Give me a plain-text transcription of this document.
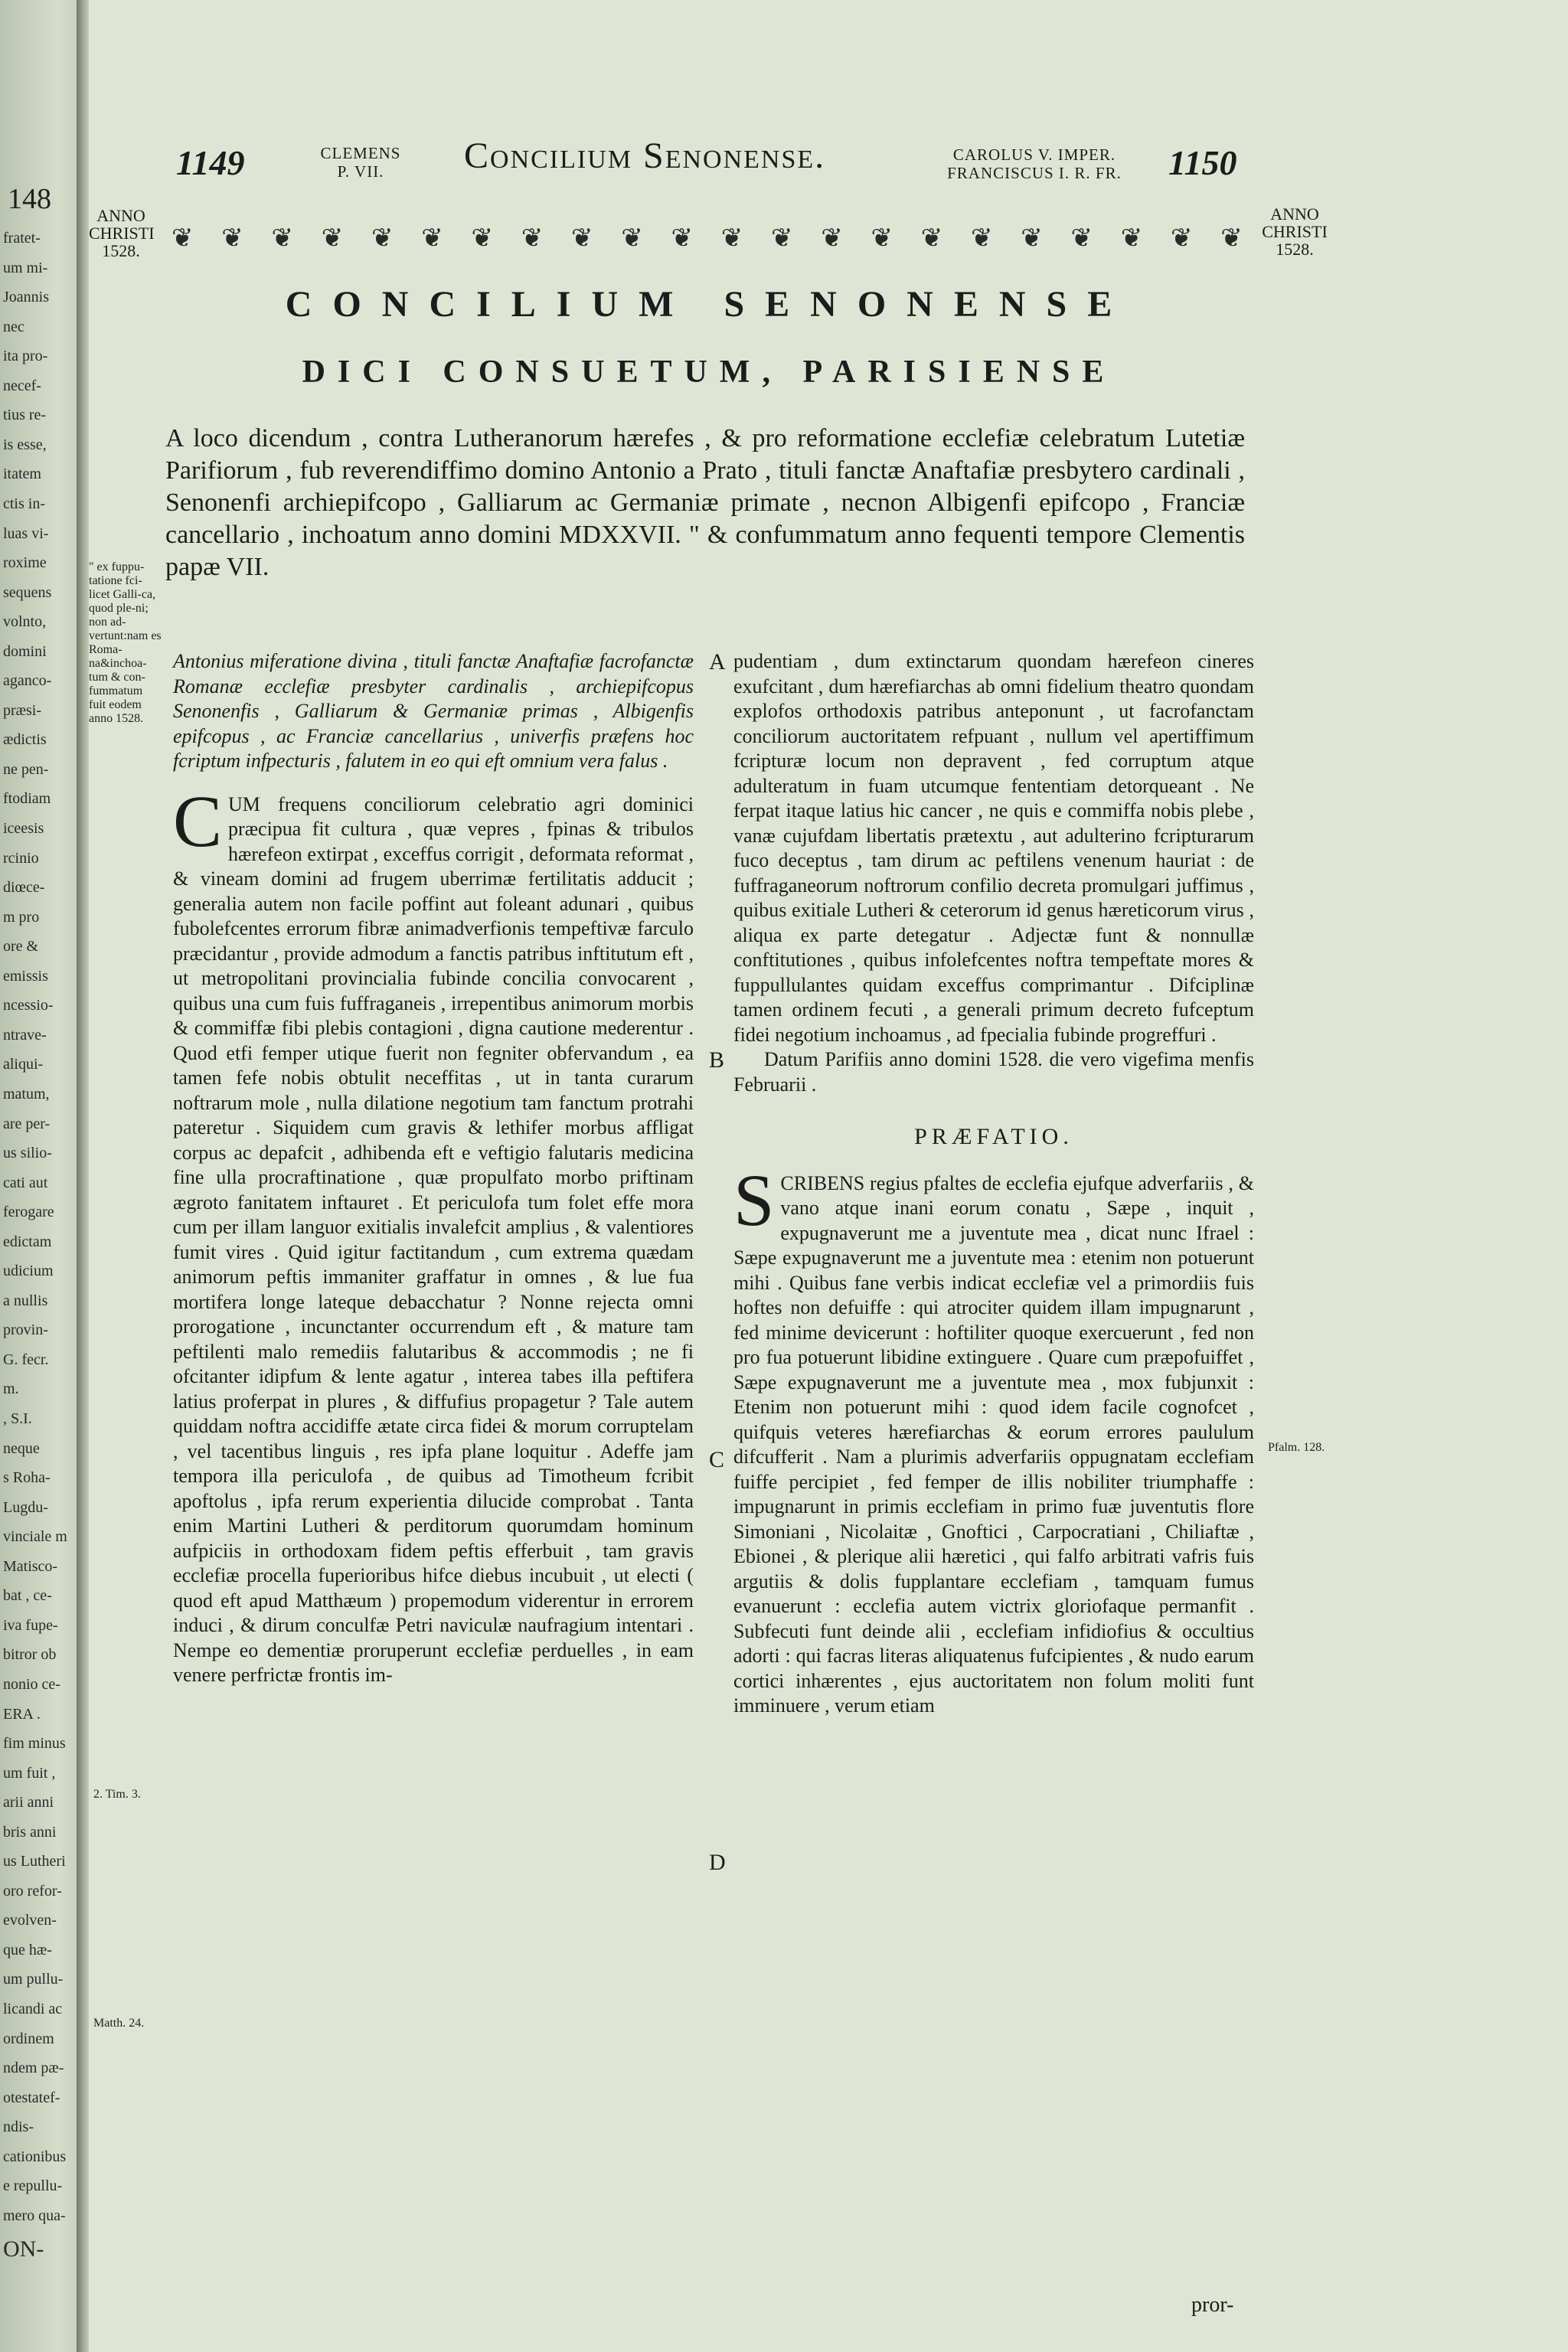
148
fratet-
um mi-
Joannis
nec
ita pro-
necef-
tius re-
is esse,
itatem
ctis in-
luas vi-
roxime
sequens
volnto,
domini
aganco-
præsi-
ædictis
ne pen-
ftodiam
iceesis
rcinio
diœce-
m pro
ore &
emissis
ncessio-
ntrave-
aliqui-
matum,
are per-
us silio-
cati aut
ferogare
edictam
udicium
a nullis
provin-
G. fecr.
m.
, S.I.
neque
s Roha-
Lugdu-
vinciale m
Matisco-
bat , ce-
iva fupe-
bitror ob
nonio ce-
ERA .
fim minus
um fuit ,
arii anni
bris anni
us Lutheri
oro refor-
evolven-
que hæ-
um pullu-
licandi ac
ordinem
ndem pæ-
otestatef-
ndis-
cationibus
e repullu-
mero qua-
ON-
1149	CLEMENS
P. VII.	Concilium Senonense.	CAROLUS V. IMPER.
FRANCISCUS I. R. FR.	1150
ANNO
CHRISTI
1528.
ANNO
CHRISTI
1528.
❦ ❦ ❦ ❦ ❦ ❦ ❦ ❦ ❦ ❦ ❦ ❦ ❦ ❦ ❦ ❦ ❦ ❦ ❦ ❦ ❦ ❦
CONCILIUM SENONENSE
DICI CONSUETUM, PARISIENSE
A loco dicendum , contra Lutheranorum hærefes , & pro reformatione ecclefiæ celebratum Lutetiæ Parifiorum , fub reverendiffimo domino Antonio a Prato , tituli fanctæ Anaftafiæ presbytero cardinali , Senonenfi archiepifcopo , Galliarum ac Germaniæ primate , necnon Albigenfi epifcopo , Franciæ cancellario , inchoatum anno domini MDXXVII. " & confummatum anno fequenti tempore Clementis papæ VII.
" ex fuppu-tatione fci-licet Galli-ca, quod ple-ni; non ad-vertunt:nam es Roma-na&inchoa-tum & con-fummatum fuit eodem anno 1528.
2. Tim. 3.
Matth. 24.
Pfalm. 128.
A
B
C
D

Antonius miferatione divina , tituli fanctæ Anaftafiæ facrofanctæ Romanæ ecclefiæ presbyter cardinalis , archiepifcopus Senonenfis , Galliarum & Germaniæ primas , Albigenfis epifcopus , ac Franciæ cancellarius , univerfis præfens hoc fcriptum infpecturis , falutem in eo qui eft omnium vera falus .

CUM frequens conciliorum celebratio agri dominici præcipua fit cultura , quæ vepres , fpinas & tribulos hærefeon extirpat , exceffus corrigit , deformata reformat , & vineam domini ad frugem uberrimæ fertilitatis adducit ; generalia autem non facile poffint aut foleant adunari , quibus fubolefcentes errorum fibræ animadverfionis tempeftivæ farculo præcidantur , provide admodum a fanctis patribus inftitutum eft , ut metropolitani provincialia fubinde concilia convocarent , quibus una cum fuis fuffraganeis , irrepentibus animorum morbis & commiffæ fibi plebis contagioni , digna cautione mederentur . Quod etfi femper utique fuerit non fegniter obfervandum , ea tamen fefe nobis obtulit neceffitas , ut in tanta curarum noftrarum mole , nulla dilatione negotium tam fanctum protrahi pateretur . Siquidem cum gravis & lethifer morbus affligat corpus ac depafcit , adhibenda eft e veftigio falutaris medicina fine ulla procraftinatione , quæ propulfato morbo priftinam ægroto fanitatem inftauret . Et periculofa tum folet effe mora cum per illam languor exitialis invalefcit amplius , & valentiores fumit vires . Quid igitur factitandum , cum extrema quædam animorum peftis immaniter graffatur in omnes , & lue fua mortifera longe lateque debacchatur ? Nonne rejecta omni prorogatione , incunctanter occurrendum eft , & mature tam peftilenti malo remediis falutaribus & accommodis ; ne fi ofcitanter idipfum & lente agatur , interea tabes illa peftifera latius proferpat in plures , & diffufius propagetur ? Tale autem quiddam noftra accidiffe ætate circa fidei & morum corruptelam , vel tacentibus linguis , res ipfa plane loquitur . Adeffe jam tempora illa periculofa , de quibus ad Timotheum fcribit apoftolus , ipfa rerum experientia dilucide comprobat . Tanta enim Martini Lutheri & perditorum quorumdam hominum aufpiciis in orthodoxam fidem peftis efferbuit , tam gravis ecclefiæ procella fuperioribus hifce diebus incubuit , ut electi ( quod eft apud Matthæum ) propemodum viderentur in errorem induci , & dirum conculfæ Petri naviculæ naufragium intentari . Nempe eo dementiæ proruperunt ecclefiæ perduelles , in eam venere perfrictæ frontis im-

pudentiam , dum extinctarum quondam hærefeon cineres exufcitant , dum hærefiarchas ab omni fidelium theatro quondam explofos orthodoxis patribus anteponunt , ut facrofanctam conciliorum auctoritatem refpuant , nullum vel apertiffimum fcripturæ locum non depravent , fed corruptum atque adulteratum in fuam utcumque fententiam detorqueant . Ne ferpat itaque latius hic cancer , ne quis e commiffa nobis plebe , vanæ cujufdam libertatis prætextu , aut adulterino fcripturarum fuco deceptus , tam dirum ac peftilens venenum hauriat : de fuffraganeorum noftrorum confilio decreta promulgari juffimus , quibus exitiale Lutheri & ceterorum id genus hæreticorum virus , aliqua ex parte detegatur . Adjectæ funt & nonnullæ conftitutiones , quibus infolefcentes noftra tempeftate mores & fuppullulantes quidam exceffus comprimantur . Difciplinæ tamen ordinem fecuti , a generali primum decreto fufceptum fidei negotium inchoamus , ad fpecialia fubinde progreffuri .

Datum Parifiis anno domini 1528. die vero vigefima menfis Februarii .

PRÆFATIO.

SCRIBENS regius pfaltes de ecclefia ejufque adverfariis , & vano atque inani eorum conatu , Sæpe , inquit , expugnaverunt me a juventute mea , dicat nunc Ifrael : Sæpe expugnaverunt me a juventute mea : etenim non potuerunt mihi . Quibus fane verbis indicat ecclefiæ vel a primordiis fuis hoftes non defuiffe : qui atrociter quidem illam impugnarunt , fed minime devicerunt : hoftiliter quoque exercuerunt , fed non pro fua potuerunt libidine extinguere . Quare cum præpofuiffet , Sæpe expugnaverunt me a juventute mea , mox fubjunxit : Etenim non potuerunt mihi : quod idem facile cognofcet , quifquis veteres hærefiarchas & eorum errores paululum difcufferit . Nam a plurimis adverfariis oppugnatam ecclefiam fuiffe percipiet , fed femper de illis nobiliter triumphaffe : impugnarunt in primis ecclefiam in primo fuæ juventutis flore Simoniani , Nicolaitæ , Gnoftici , Carpocratiani , Chiliaftæ , Ebionei , & plerique alii hæretici , qui falfo arbitrati vafris fuis argutiis & dolis fupplantare ecclefiam , tamquam fumus evanuerunt : ecclefia autem victrix gloriofaque permanfit . Subfecuti funt deinde alii , ecclefiam infidiofius & occultius adorti : qui facras literas aliquatenus fufcipientes , & nudo earum cortici inhærentes , ejus auctoritatem non folum moliti funt imminuere , verum etiam

pror-
